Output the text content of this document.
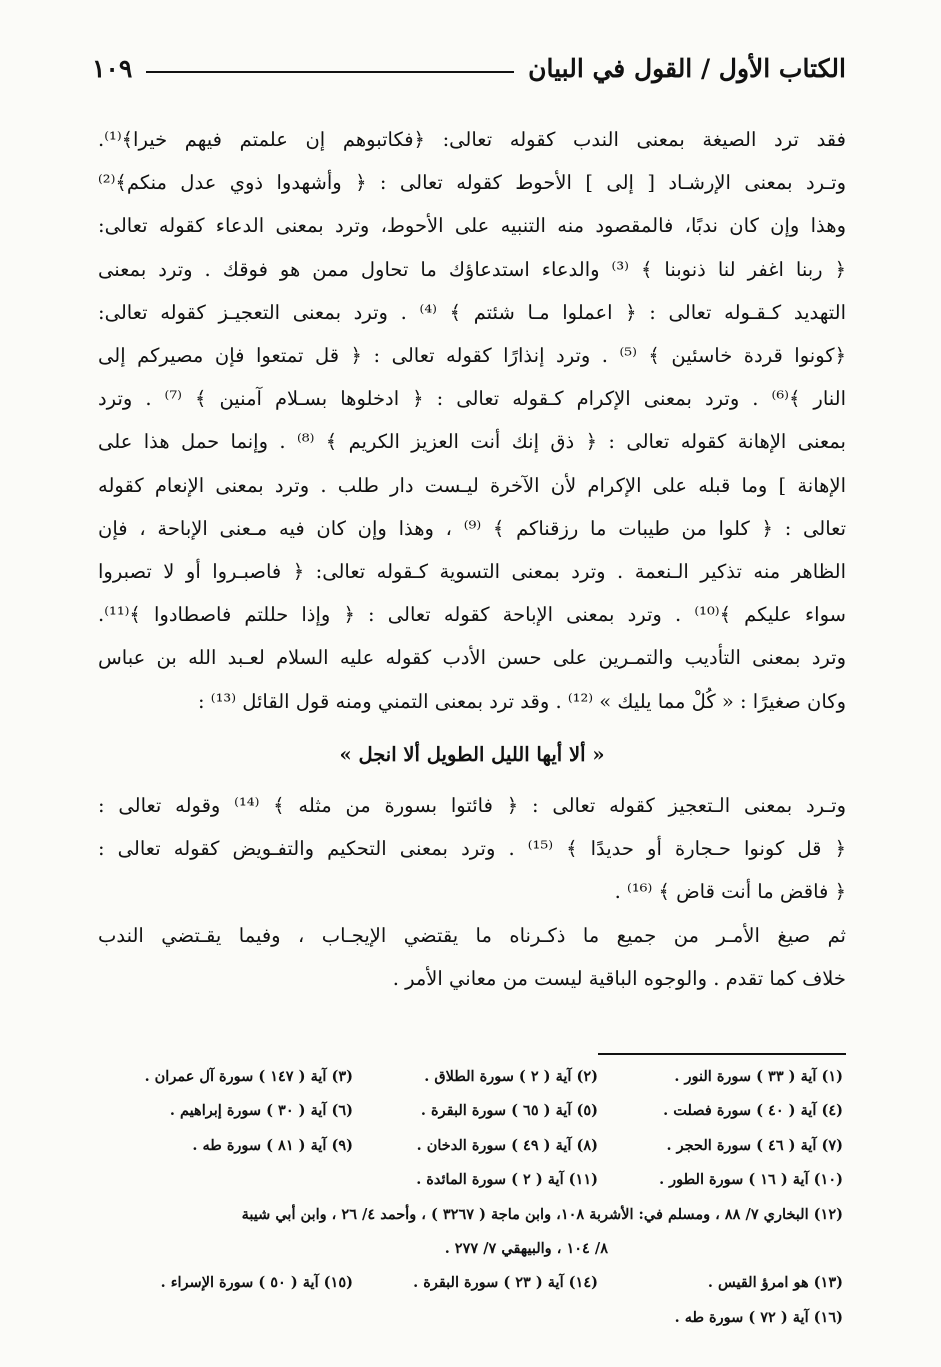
الكتاب الأول / القول في البيان
١٠٩

فقد ترد الصيغة بمعنى الندب كقوله تعالى: ﴿فكاتبوهم إن علمتم فيهم خيرا﴾⁽¹⁾.
وتـرد بمعنى الإرشـاد [ إلى ] الأحوط كقوله تعالى : ﴿ وأشهدوا ذوي عدل منكم﴾⁽²⁾
وهذا وإن كان ندبًا، فالمقصود منه التنبيه على الأحوط، وترد بمعنى الدعاء كقوله تعالى:
﴿ ربنا اغفر لنا ذنوبنا ﴾ ⁽³⁾ والدعاء استدعاؤك ما تحاول ممن هو فوقك . وترد بمعنى
التهديد كـقـوله تعالى : ﴿ اعملوا مـا شئتم ﴾ ⁽⁴⁾ . وترد بمعنى التعجيـز كقوله تعالى:
﴿كونوا قردة خاسئين ﴾ ⁽⁵⁾ . وترد إنذارًا كقوله تعالى : ﴿ قل تمتعوا فإن مصيركم إلى
النار ﴾⁽⁶⁾ . وترد بمعنى الإكرام كـقوله تعالى : ﴿ ادخلوها بسـلام آمنين ﴾ ⁽⁷⁾ . وترد
بمعنى الإهانة كقوله تعالى : ﴿ ذق إنك أنت العزيز الكريم ﴾ ⁽⁸⁾ . وإنما حمل هذا على
الإهانة ] وما قبله على الإكرام لأن الآخرة ليـست دار طلب . وترد بمعنى الإنعام كقوله
تعالى : ﴿ كلوا من طيبات ما رزقناكم ﴾ ⁽⁹⁾ ، وهذا وإن كان فيه مـعنى الإباحة ، فإن
الظاهر منه تذكير الـنعمة . وترد بمعنى التسوية كـقوله تعالى: ﴿ فاصبـروا أو لا تصبروا
سواء عليكم ﴾⁽¹⁰⁾ . وترد بمعنى الإباحة كقوله تعالى : ﴿ وإذا حللتم فاصطادوا ﴾⁽¹¹⁾.
وترد بمعنى التأديب والتمـرين على حسن الأدب كقوله عليه السلام لعـبد الله بن عباس
وكان صغيرًا : « كُلْ مما يليك » ⁽¹²⁾ . وقد ترد بمعنى التمني ومنه قول القائل ⁽¹³⁾ :

« ألا أيها الليل الطويل ألا انجل »

وتـرد بمعنى الـتعجيز كقوله تعالى : ﴿ فائتوا بسورة من مثله ﴾ ⁽¹⁴⁾ وقوله تعالى :
﴿ قل كونوا حـجارة أو حديدًا ﴾ ⁽¹⁵⁾ . وترد بمعنى التحكيم والتفـويض كقوله تعالى :
﴿ فاقض ما أنت قاض ﴾ ⁽¹⁶⁾ .

ثم صيغ الأمـر من جميع ما ذكـرناه ما يقتضي الإيجـاب ، وفيما يقـتضي الندب
خلاف كما تقدم . والوجوه الباقية ليست من معاني الأمر .

(١) آية ( ٣٣ ) سورة النور .
(٢) آية ( ٢ ) سورة الطلاق .
(٣) آية ( ١٤٧ ) سورة آل عمران .
(٤) آية ( ٤٠ ) سورة فصلت .
(٥) آية ( ٦٥ ) سورة البقرة .
(٦) آية ( ٣٠ ) سورة إبراهيم .
(٧) آية ( ٤٦ ) سورة الحجر .
(٨) آية ( ٤٩ ) سورة الدخان .
(٩) آية ( ٨١ ) سورة طه .
(١٠) آية ( ١٦ ) سورة الطور .
(١١) آية ( ٢ ) سورة المائدة .
(١٢) البخاري ٧/ ٨٨ ، ومسلم في: الأشربة ١٠٨، وابن ماجة ( ٣٢٦٧ ) ، وأحمد ٤/ ٢٦ ، وابن أبي شيبة
٨/ ١٠٤ ، والبيهقي ٧/ ٢٧٧ .
(١٣) هو امرؤ القيس .
(١٤) آية ( ٢٣ ) سورة البقرة .
(١٥) آية ( ٥٠ ) سورة الإسراء .
(١٦) آية ( ٧٢ ) سورة طه .
